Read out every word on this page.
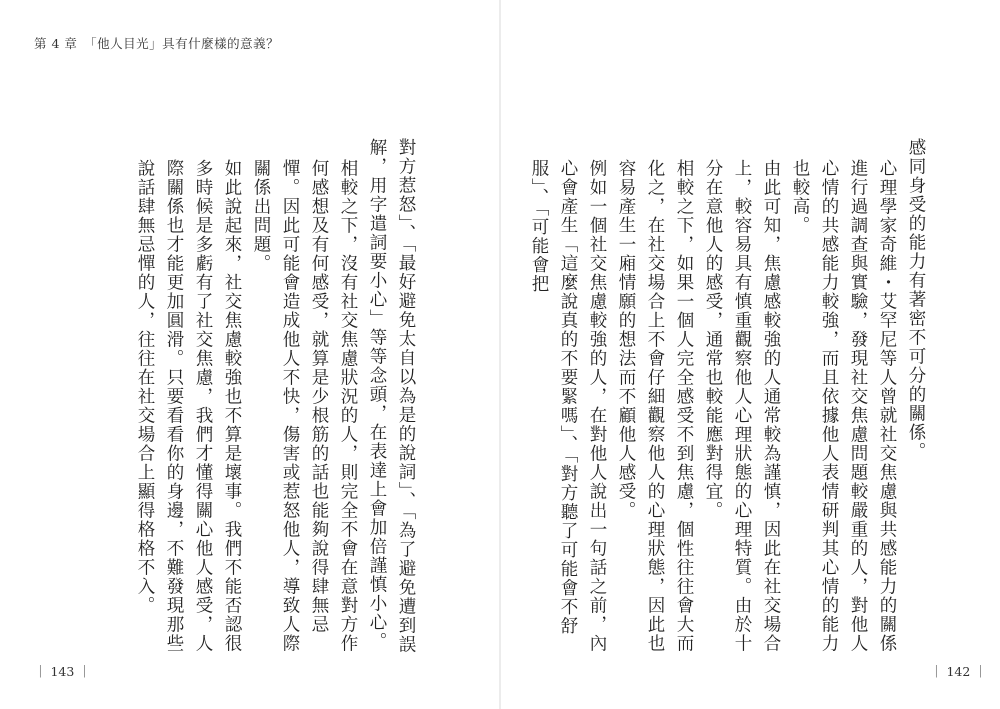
第 4 章　「他人目光」具有什麼樣的意義？

感同身受的能力有著密不可分的關係。

心理學家奇維・艾罕尼等人曾就社交焦慮與共感能力的關係進行過調查與實驗，發現社交焦慮問題較嚴重的人，對他人心情的共感能力較強，而且依據他人表情研判其心情的能力也較高。

由此可知，焦慮感較強的人通常較為謹慎，因此在社交場合上，較容易具有慎重觀察他人心理狀態的心理特質。由於十分在意他人的感受，通常也較能應對得宜。

相較之下，如果一個人完全感受不到焦慮，個性往往會大而化之，在社交場合上不會仔細觀察他人的心理狀態，因此也容易產生一廂情願的想法而不顧他人感受。

例如一個社交焦慮較強的人，在對他人說出一句話之前，內心會產生「這麼說真的不要緊嗎」、「對方聽了可能會不舒服」、「可能會把

對方惹怒」、「最好避免太自以為是的說詞」、「為了避免遭到誤解，用字遣詞要小心」等等念頭，在表達上會加倍謹慎小心。

相較之下，沒有社交焦慮狀況的人，則完全不會在意對方作何感想及有何感受，就算是少根筋的話也能夠說得肆無忌憚。因此可能會造成他人不快，傷害或惹怒他人，導致人際關係出問題。

如此說起來，社交焦慮較強也不算是壞事。我們不能否認很多時候是多虧有了社交焦慮，我們才懂得關心他人感受，人際關係也才能更加圓滑。只要看看你的身邊，不難發現那些說話肆無忌憚的人，往往在社交場合上顯得格格不入。

｜ 143 ｜	｜ 142 ｜
